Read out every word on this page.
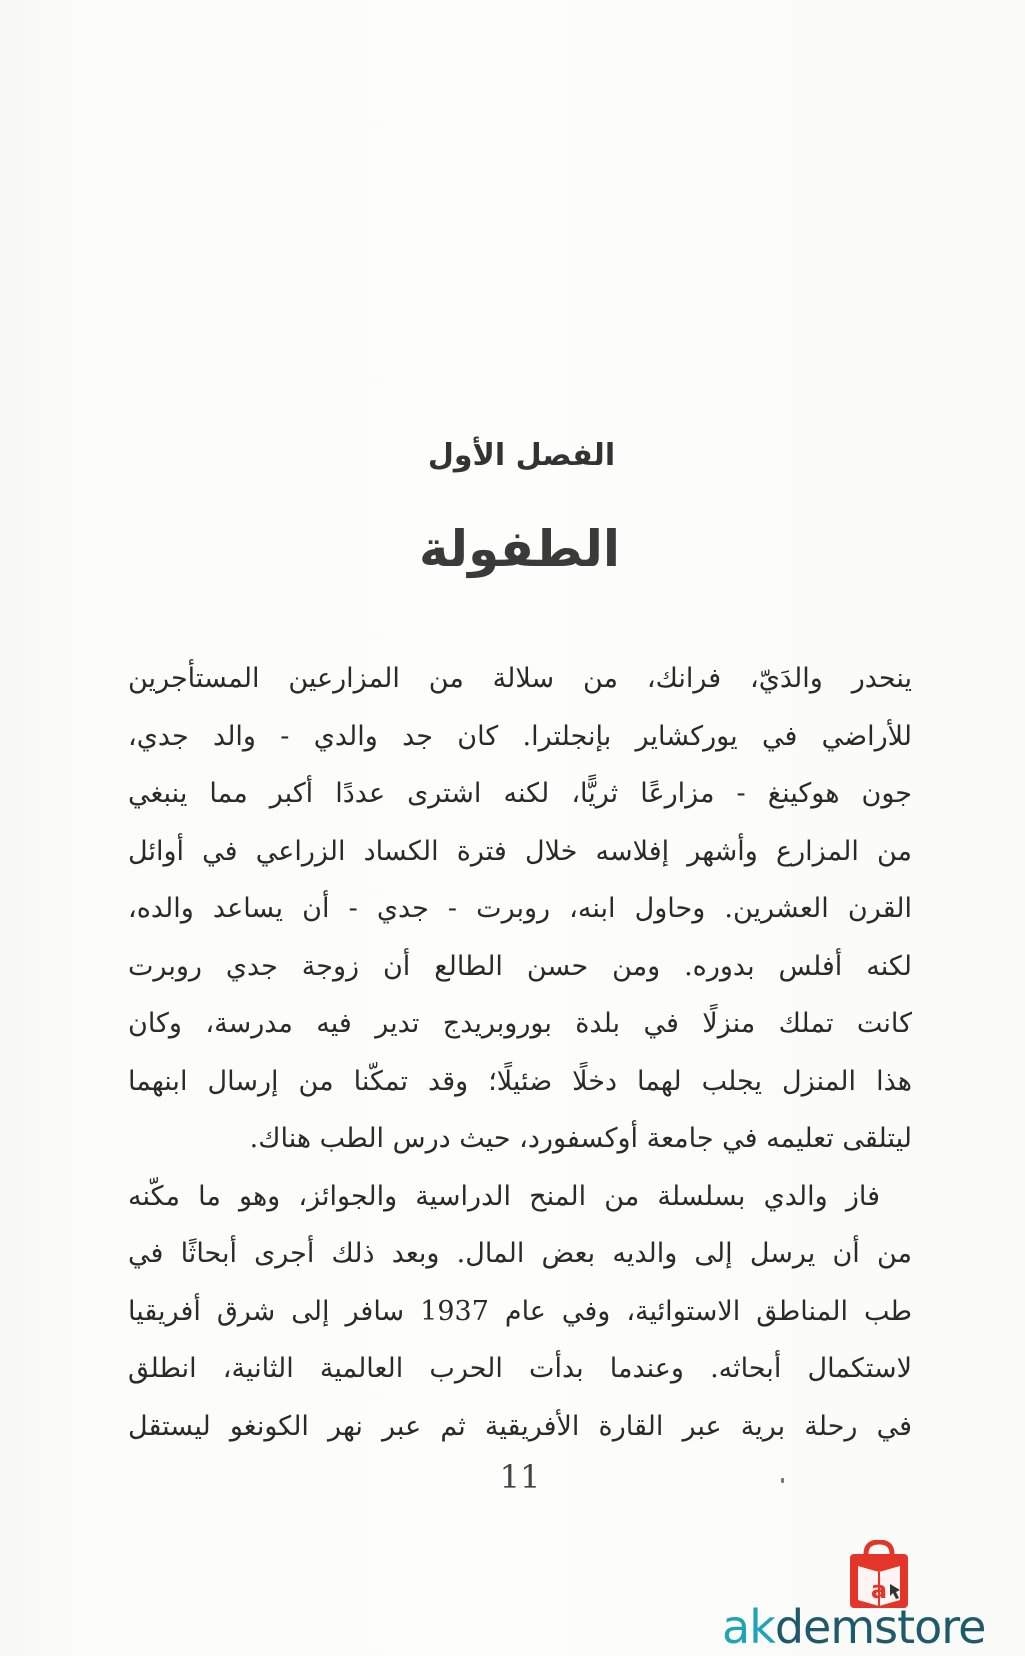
الفصل الأول
الطفولة
ينحدر والدَيّ، فرانك، من سلالة من المزارعين المستأجرين
للأراضي في يوركشاير بإنجلترا. كان جد والدي - والد جدي،
جون هوكينغ - مزارعًا ثريًّا، لكنه اشترى عددًا أكبر مما ينبغي
من المزارع وأشهر إفلاسه خلال فترة الكساد الزراعي في أوائل
القرن العشرين. وحاول ابنه، روبرت - جدي - أن يساعد والده،
لكنه أفلس بدوره. ومن حسن الطالع أن زوجة جدي روبرت
كانت تملك منزلًا في بلدة بوروبريدج تدير فيه مدرسة، وكان
هذا المنزل يجلب لهما دخلًا ضئيلًا؛ وقد تمكّنا من إرسال ابنهما
ليتلقى تعليمه في جامعة أوكسفورد، حيث درس الطب هناك.
فاز والدي بسلسلة من المنح الدراسية والجوائز، وهو ما مكّنه
من أن يرسل إلى والديه بعض المال. وبعد ذلك أجرى أبحاثًا في
طب المناطق الاستوائية، وفي عام 1937 سافر إلى شرق أفريقيا
لاستكمال أبحاثه. وعندما بدأت الحرب العالمية الثانية، انطلق
في رحلة برية عبر القارة الأفريقية ثم عبر نهر الكونغو ليستقل
11
a
akdemstore
